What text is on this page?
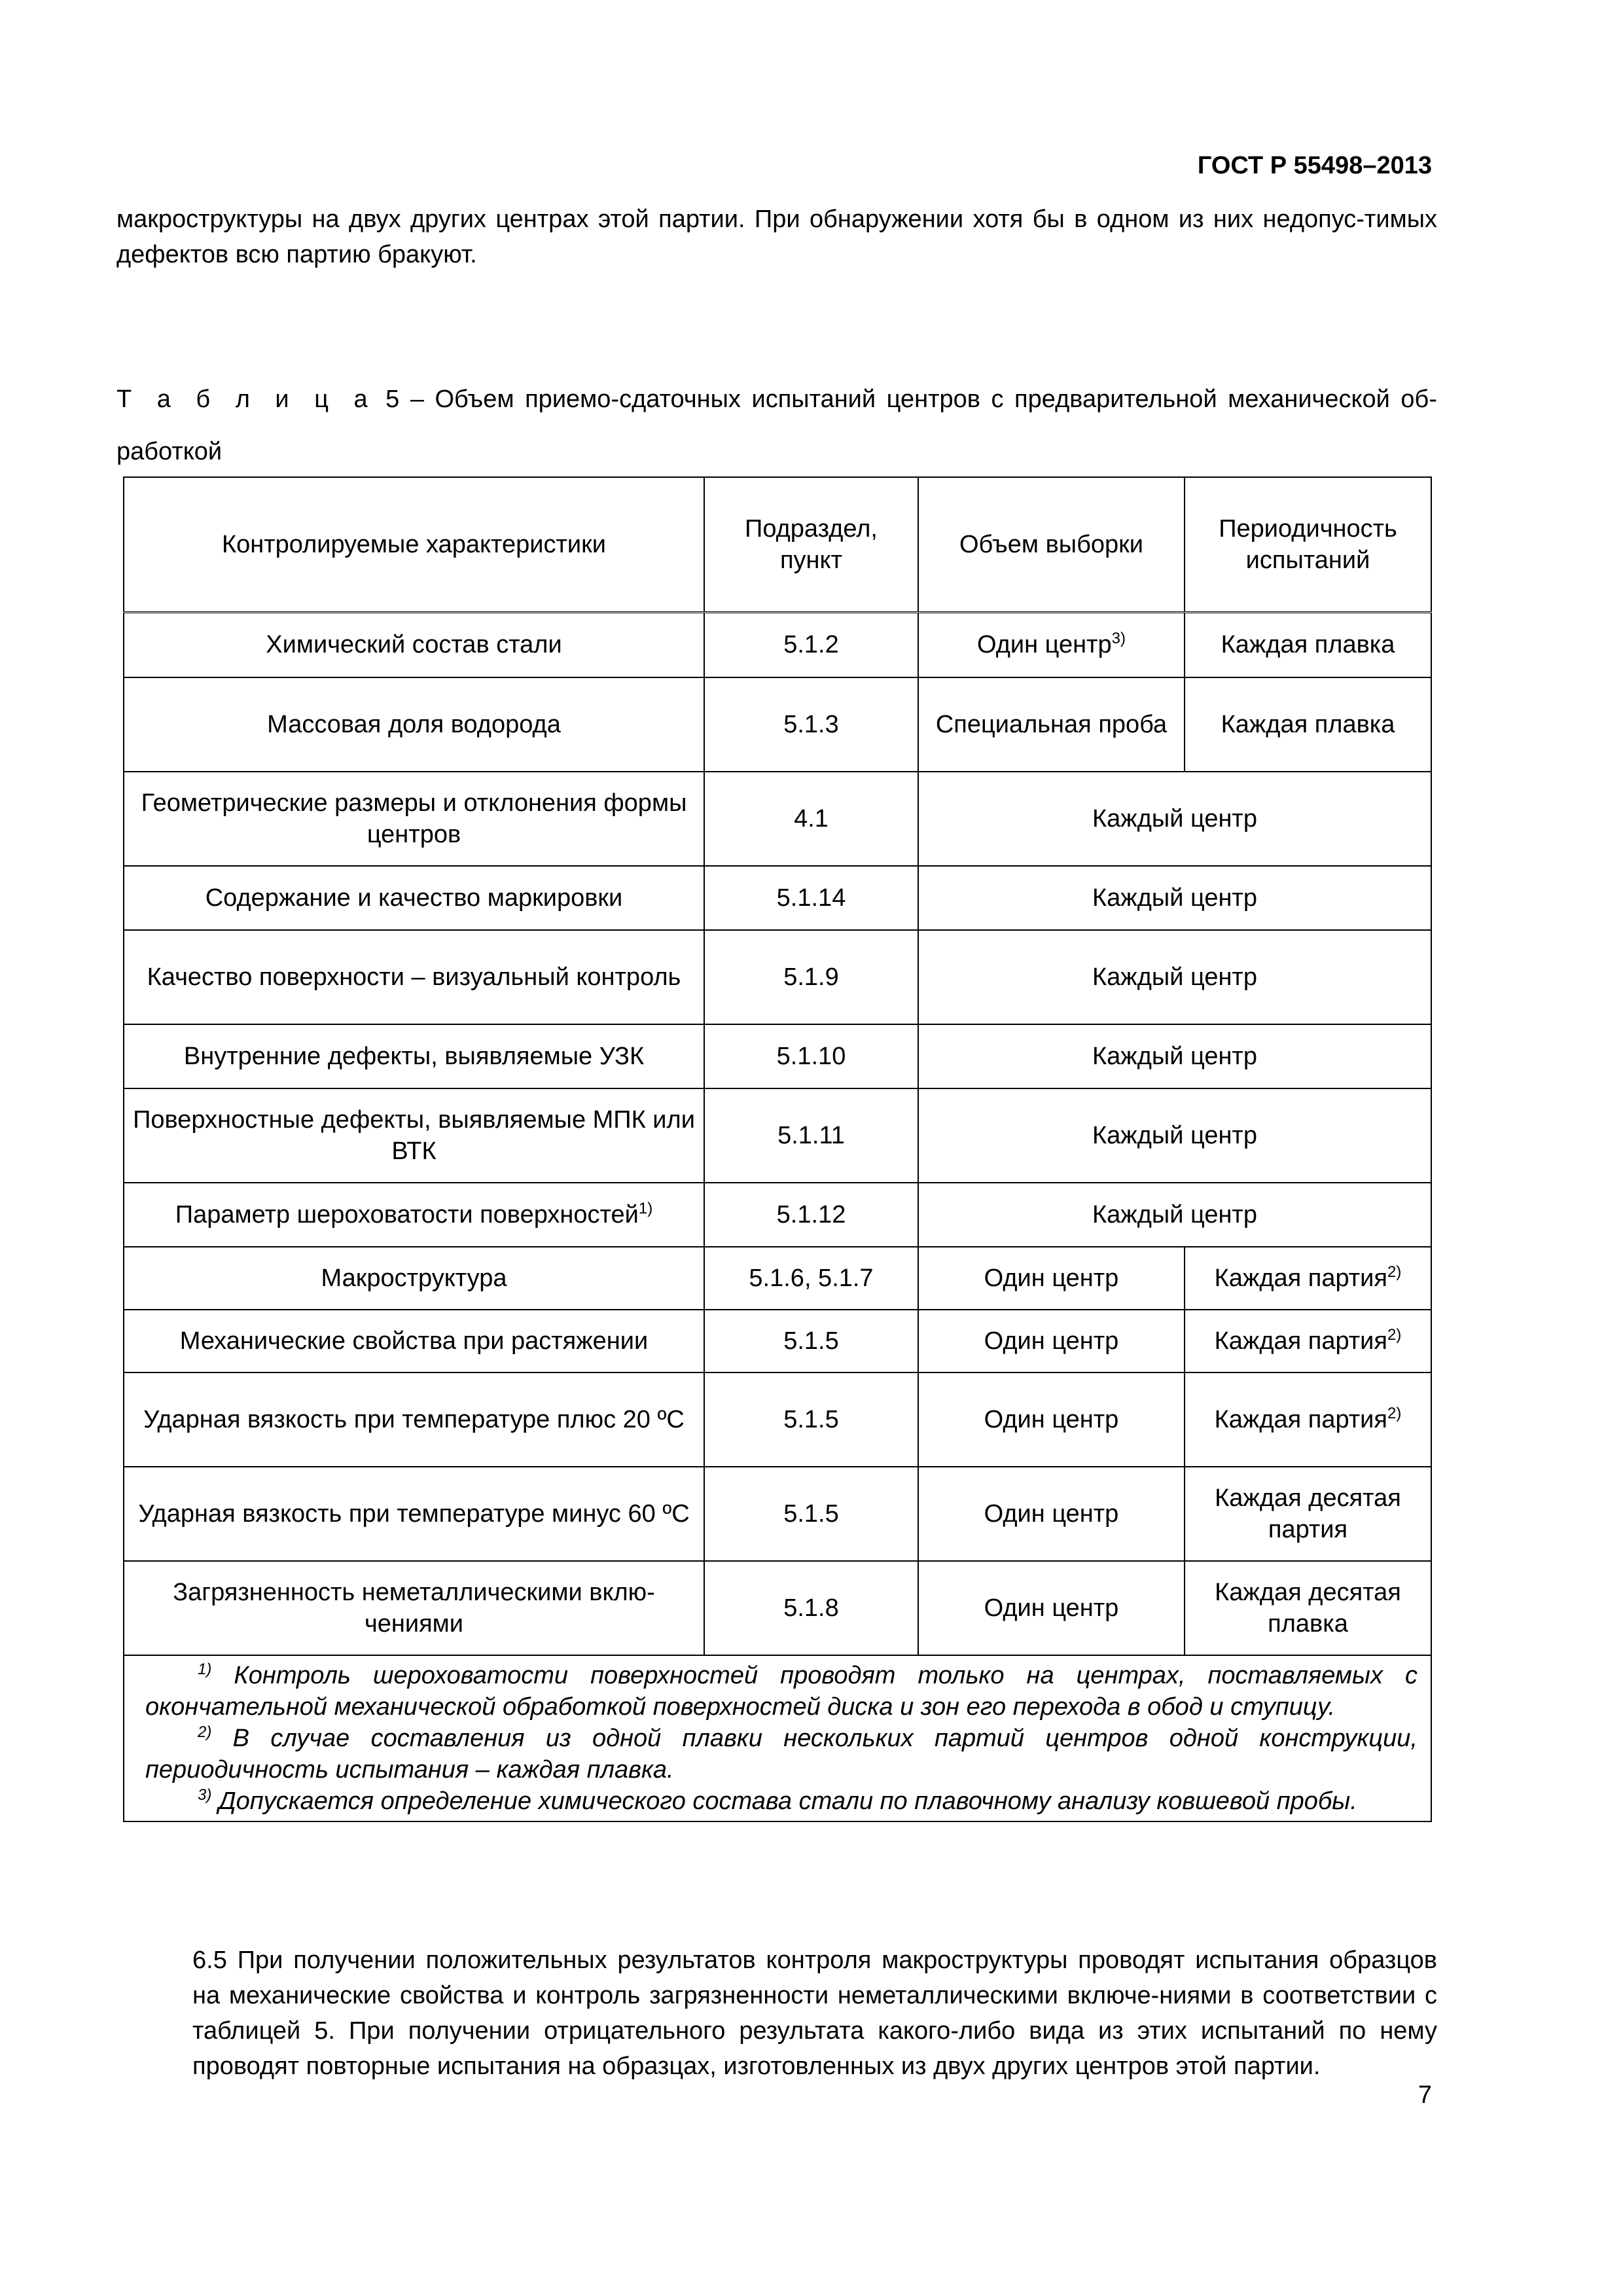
ГОСТ Р 55498–2013
макроструктуры на двух других центрах этой партии. При обнаружении хотя бы в одном из них недопус-тимых дефектов всю партию бракуют.
Т а б л и ц а 5 – Объем приемо-сдаточных испытаний центров с предварительной механической об-работкой
Контролируемые характеристики	Подраздел, пункт	Объем выборки	Периодичность испытаний
Химический состав стали	5.1.2	Один центр$^{3)}$	Каждая плавка
Массовая доля водорода	5.1.3	Специальная проба	Каждая плавка
Геометрические размеры и отклонения формы центров	4.1	Каждый центр	
Содержание и качество маркировки	5.1.14	Каждый центр	
Качество поверхности – визуальный контроль	5.1.9	Каждый центр	
Внутренние дефекты, выявляемые УЗК	5.1.10	Каждый центр	
Поверхностные дефекты, выявляемые МПК или ВТК	5.1.11	Каждый центр	
Параметр шероховатости поверхностей$^{1)}$	5.1.12	Каждый центр	
Макроструктура	5.1.6, 5.1.7	Один центр	Каждая партия$^{2)}$
Механические свойства при растяжении	5.1.5	Один центр	Каждая партия$^{2)}$
Ударная вязкость при температуре плюс 20 ºС	5.1.5	Один центр	Каждая партия$^{2)}$
Ударная вязкость при температуре минус 60 ºС	5.1.5	Один центр	Каждая десятая партия
Загрязненность неметаллическими вклю-чениями	5.1.8	Один центр	Каждая десятая плавка

$^{1)}$ Контроль шероховатости поверхностей проводят только на центрах, поставляемых с окончательной механической обработкой поверхностей диска и зон его перехода в обод и ступицу.

$^{2)}$ В случае составления из одной плавки нескольких партий центров одной конструкции, периодичность испытания – каждая плавка.

$^{3)}$ Допускается определение химического состава стали по плавочному анализу ковшевой пробы.			

6.5 При получении положительных результатов контроля макроструктуры проводят испытания образцов на механические свойства и контроль загрязненности неметаллическими включе-ниями в соответствии с таблицей 5. При получении отрицательного результата какого-либо вида из этих испытаний по нему проводят повторные испытания на образцах, изготовленных из двух других центров этой партии.
7
